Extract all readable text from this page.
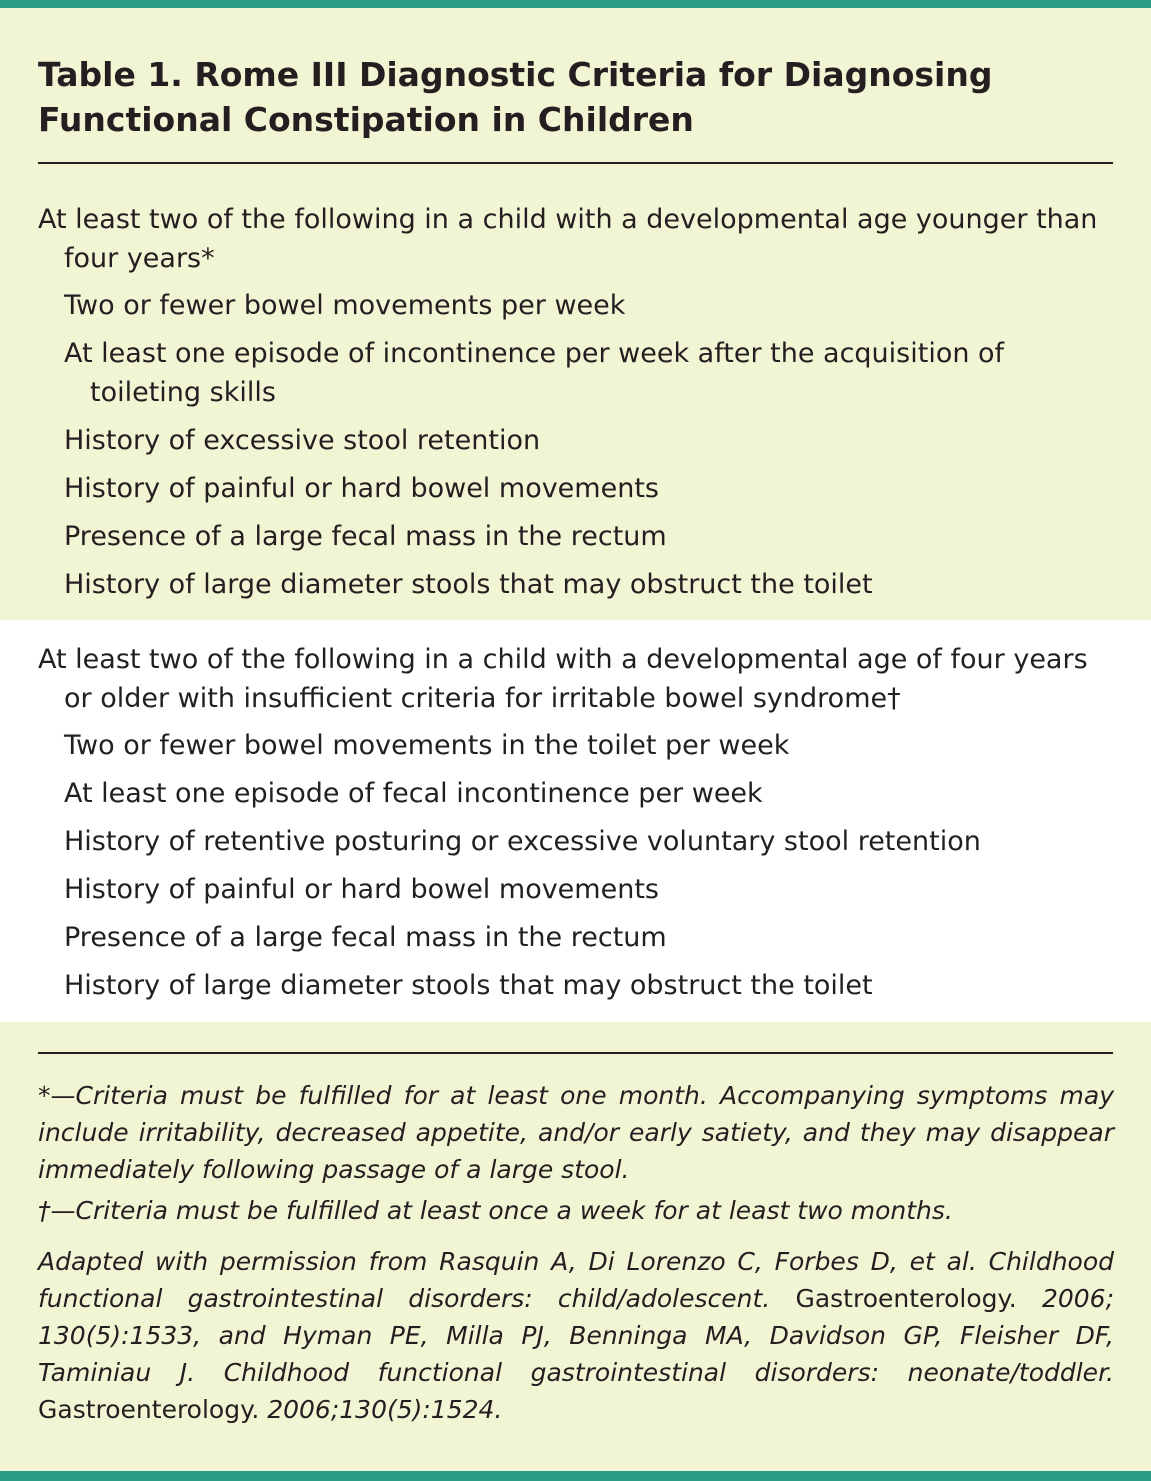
Table 1. Rome III Diagnostic Criteria for Diagnosing
Functional Constipation in Children
At least two of the following in a child with a developmental age younger than four years*
Two or fewer bowel movements per week
At least one episode of incontinence per week after the acquisition of toileting skills
History of excessive stool retention
History of painful or hard bowel movements
Presence of a large fecal mass in the rectum
History of large diameter stools that may obstruct the toilet
At least two of the following in a child with a developmental age of four years or older with insufficient criteria for irritable bowel syndrome†
Two or fewer bowel movements in the toilet per week
At least one episode of fecal incontinence per week
History of retentive posturing or excessive voluntary stool retention
History of painful or hard bowel movements
Presence of a large fecal mass in the rectum
History of large diameter stools that may obstruct the toilet

*—Criteria must be fulfilled for at least one month. Accompanying symptoms may include irritability, decreased appetite, and/or early satiety, and they may disappear immediately following passage of a large stool.

†—Criteria must be fulfilled at least once a week for at least two months.

Adapted with permission from Rasquin A, Di Lorenzo C, Forbes D, et al. Childhood functional gastrointestinal disorders: child/adolescent. Gastroenterology. 2006; 130(5):1533, and Hyman PE, Milla PJ, Benninga MA, Davidson GP, Fleisher DF, Taminiau J. Childhood functional gastrointestinal disorders: neonate/toddler. Gastroenterology. 2006;130(5):1524.
